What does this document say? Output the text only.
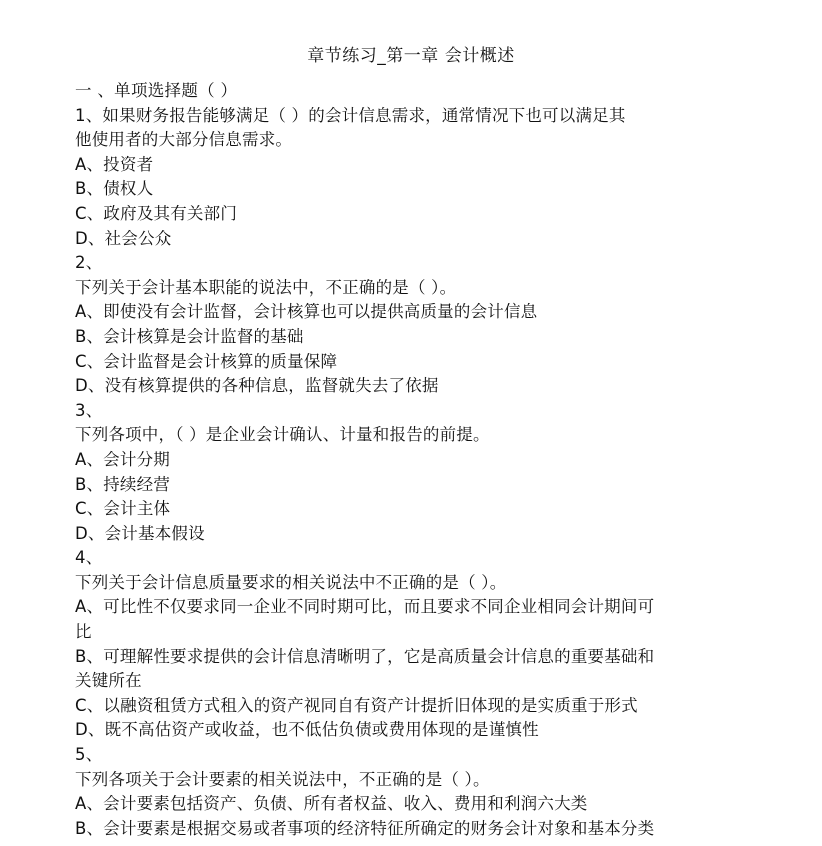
章节练习_第一章 会计概述
一 、单项选择题（ ）
1、如果财务报告能够满足（ ）的会计信息需求，通常情况下也可以满足其
他使用者的大部分信息需求。
A、投资者
B、债权人
C、政府及其有关部门
D、社会公众
2、
下列关于会计基本职能的说法中，不正确的是（ ）。
A、即使没有会计监督，会计核算也可以提供高质量的会计信息
B、会计核算是会计监督的基础
C、会计监督是会计核算的质量保障
D、没有核算提供的各种信息，监督就失去了依据
3、
下列各项中，（ ）是企业会计确认、计量和报告的前提。
A、会计分期
B、持续经营
C、会计主体
D、会计基本假设
4、
下列关于会计信息质量要求的相关说法中不正确的是（ ）。
A、可比性不仅要求同一企业不同时期可比，而且要求不同企业相同会计期间可
比
B、可理解性要求提供的会计信息清晰明了，它是高质量会计信息的重要基础和
关键所在
C、以融资租赁方式租入的资产视同自有资产计提折旧体现的是实质重于形式
D、既不高估资产或收益，也不低估负债或费用体现的是谨慎性
5、
下列各项关于会计要素的相关说法中，不正确的是（ ）。
A、会计要素包括资产、负债、所有者权益、收入、费用和利润六大类
B、会计要素是根据交易或者事项的经济特征所确定的财务会计对象和基本分类
